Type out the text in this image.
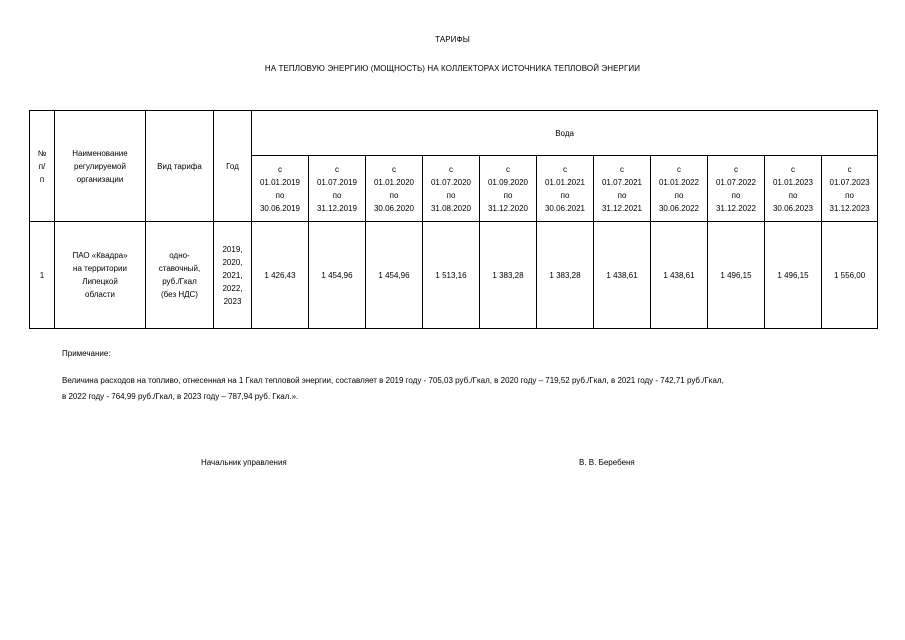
ТАРИФЫ
НА ТЕПЛОВУЮ ЭНЕРГИЮ (МОЩНОСТЬ) НА КОЛЛЕКТОРАХ ИСТОЧНИКА ТЕПЛОВОЙ ЭНЕРГИИ
№
п/
п	Наименование
регулируемой
организации	Вид тарифа	Год	Вода										

				с
01.01.2019
по
30.06.2019	с
01.07.2019
по
31.12.2019	с
01.01.2020
по
30.06.2020	с
01.07.2020
по
31.08.2020	с
01.09.2020
по
31.12.2020	с
01.01.2021
по
30.06.2021	с
01.07.2021
по
31.12.2021	с
01.01.2022
по
30.06.2022	с
01.07.2022
по
31.12.2022	с
01.01.2023
по
30.06.2023	с
01.07.2023
по
31.12.2023

1	ПАО «Квадра»
на территории
Липецкой
области	одно-
ставочный,
руб./Гкал
(без НДС)	2019,
2020,
2021,
2022,
2023	1 426,43	1 454,96	1 454,96	1 513,16	1 383,28	1 383,28	1 438,61	1 438,61	1 496,15	1 496,15	1 556,00
Примечание:
Величина расходов на топливо, отнесенная на 1 Гкал тепловой энергии, составляет в 2019 году - 705,03 руб./Гкал, в 2020 году – 719,52 руб./Гкал, в 2021 году - 742,71 руб./Гкал,
в 2022 году - 764,99 руб./Гкал, в 2023 году – 787,94 руб. Гкал.».
Начальник управления	В. В. Беребеня
